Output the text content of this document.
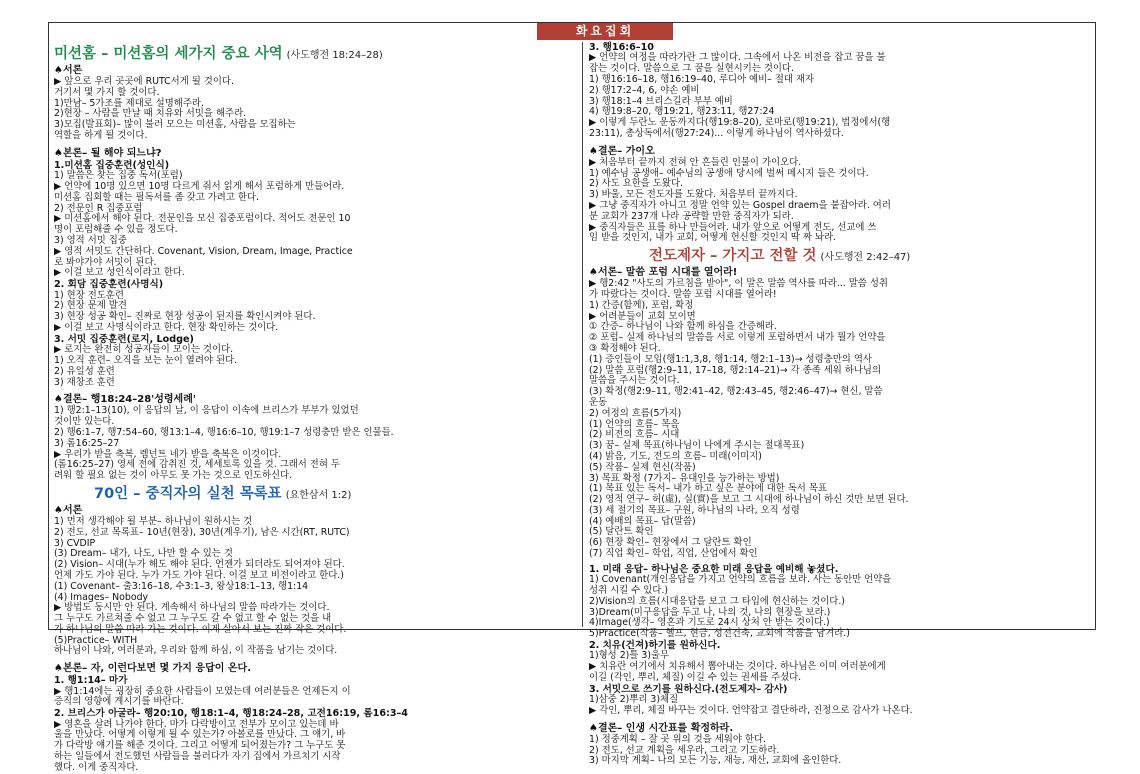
화요집회
미션홈 – 미션홈의 세가지 중요 사역 (사도행전 18:24–28)
♠서론
▶ 앞으로 우리 곳곳에 RUTC서게 될 것이다.
거기서 몇 가지 할 것이다.
1)만남– 5가조를 제대로 설명해주라.
2)현장 – 사람을 만날 때 치유와 서밋을 해주라.
3)모집(발표회)– 많이 불러 모으는 미션홈, 사람을 모집하는
역할을 하게 될 것이다.
♠본론– 될 해야 되느냐?
1.미션홈 집중훈련(성인식)
1) 말씀은 찾는 집중 독서(포럼)
▶ 언약에 10명 있으면 10명 다르게 줘서 읽게 해서 포럼하게 만들어라.
미션홈 집회할 때는 필독서를 좀 갖고 가려고 한다.
2) 전문인 R 집중포럼
▶ 미션홈에서 해야 된다. 전문인을 모신 집중포럼이다. 적어도 전문인 10
명이 포럼해줄 수 있을 정도다.
3) 영적 서밋 집중
▶ 영적 서밋도 간단하다. Covenant, Vision, Dream, Image, Practice
로 봐야가야 서밋이 된다.
▶ 이걸 보고 성인식이라고 한다.
2. 회담 집중훈련(사명식)
1) 현장 전도훈련
2) 현장 문제 발견
3) 현장 성공 확인– 진짜로 현장 성공이 된지를 확인시켜야 된다.
▶ 이걸 보고 사명식이라고 한다. 현장 확인하는 것이다.
3. 서밋 집중훈련(로지, Lodge)
▶ 로지는 완전히 성공자들이 모이는 것이다.
1) 오직 훈련– 오직을 보는 눈이 열려야 된다.
2) 유일성 훈련
3) 재창조 훈련
♠결론– 행18:24–28'성령세례'
1) 행2:1–13(10), 이 응답의 날, 이 응답이 이속에 브리스가 부부가 있었던
것이만 있는다.
2) 행6:1–7, 행7:54–60, 행13:1–4, 행16:6–10, 행19:1–7 성령충만 받은 인물들.
3) 롬16:25–27
▶ 우리가 받을 축복, 렘넌트 네가 받을 축복은 이것이다.
(롬16:25–27) 영세 전에 감취진 것, 세세토록 있을 것. 그래서 전혀 두
려워 할 필요 없는 것이 아무도 못 가는 것으로 인도하신다.
70인 – 중직자의 실천 목록표 (요한삼서 1:2)
♠서론
1) 먼저 생각해야 될 부분– 하나님이 원하시는 것
2) 전도, 선교 목록표– 10년(현장), 30년(계우기), 남은 시간(RT, RUTC)
3) CVDIP
(3) Dream– 내가, 나도, 나만 할 수 있는 것
(2) Vision– 시대(누가 해도 해야 된다. 언젠가 되더라도 되어져야 된다.
언제 가도 가야 된다. 누가 가도 가야 된다. 이걸 보고 비전이라고 한다.)
(1) Covenant– 출3:16–18, 수3:1–3, 왕상18:1–13, 행1:14
(4) Images– Nobody
▶ 방법도 동시만 안 된다. 계속해서 하나님의 말씀 따라가는 것이다.
그 누구도 가르쳐줄 수 없고 그 누구도 갈 수 없고 할 수 없는 것을 내
가 하나님의 말씀 따라 가는 것이다. 이게 살아서 보는 진짜 작은 것이다.
(5)Practice– WITH
하나님이 나와, 여러분과, 우리와 함께 하심, 이 작품을 남기는 것이다.
♠본론– 자, 이런다보면 몇 가지 응답이 온다.
1. 행1:14– 마가
▶ 행1:14에는 굉장히 중요한 사람들이 모였는데 여러분들은 언제든지 이
증직의 영향에 계시기를 바란다.
2. 브리스가 아굴라– 행20:10, 행18:1–4, 행18:24–28, 고전16:19, 롬16:3–4
▶ 영혼을 살려 나가야 한다. 마가 다락방이고 전부가 모이고 있는데 바
울을 만났다. 어떻게 이렇게 될 수 있는가? 아볼로를 만났다. 그 얘기, 바
가 다락방 얘기를 해준 것이다. 그리고 어떻게 되어졌는가? 그 누구도 못
하는 일들에서 전도했던 사람들을 불러다가 자기 집에서 가르치기 시작
했다. 이게 중직자다.
3. 행16:6–10
▶ 언약의 여정을 따라가란 그 많이다. 그속에서 나온 비전을 잡고 꿈을 불
잡는 것이다. 말씀으로 그 꿈을 실현시키는 것이다.
1) 행16:16–18, 행16:19–40, 루디아 예비– 절대 재자
2) 행17:2–4, 6, 야손 예비
3) 행18:1–4 브리스길라 부부 예비
4) 행19:8–20, 행19:21, 행23:11, 행27:24
▶ 이렇게 두란노 운동까지다(행19:8–20), 로마로(행19:21), 법정에서(행
23:11), 총상독에서(행27:24)... 이렇게 하나님이 역사하셨다.
♠결론– 가이오
▶ 처음부터 끝까지 전혀 안 흔들린 인물이 가이오다.
1) 예수님 공생애– 예수님의 공생애 당시에 벌써 메시지 들은 것이다.
2) 사도 요한을 도왔다.
3) 바울, 모든 전도자를 도왔다. 처음부터 끝까지다.
▶ 그냥 중직자가 아니고 정말 언약 있는 Gospel draem을 붙잡아라. 여러
분 교회가 237개 나라 공략할 만한 중직자가 되라.
▶ 중직자들은 표를 하나 만들어라. 내가 앞으로 어떻게 전도, 선교에 쓰
임 받을 것인지, 내가 교회, 어떻게 헌신할 것인지 딱 짜 놔라.
전도제자 – 가지고 전할 것 (사도행전 2:42–47)
♠서론– 말씀 포럼 시대를 열어라!
▶ 행2:42 "사도의 가르침을 받아", 이 말은 말씀 역사를 따라... 말씀 성취
가 따랐다는 것이다. 말씀 포럼 시대를 열어라!
1) 간증(함께), 포럼, 확정
▶ 어려분들이 교회 모이면
① 간증– 하나님이 나와 함께 하심을 간증해라.
② 포럼– 실제 하나님의 말씀을 서로 이렇게 포럼하면서 내가 뭘가 언약을
③ 확정해야 된다.
(1) 증인들이 모임(행1:1,3,8, 행1:14, 행2:1–13)→ 성령충만의 역사
(2) 말씀 포럼(행2:9–11, 17–18, 행2:14–21)→ 각 종족 세워 하나님의
말씀을 주시는 것이다.
(3) 확정(행2:9–11, 행2:41–42, 행2:43–45, 행2:46–47)→ 현신, 말씀
운동
2) 여정의 흐름(5가지)
(1) 언약의 흐름– 목음
(2) 비전의 흐름– 시대
(3) 꿈– 실제 목표(하나님이 나에게 주시는 절대목표)
(4) 밝음, 기도, 전도의 흐름– 미래(이미지)
(5) 작품– 실제 현신(작품)
3) 목표 확정 (7가지– 유대인을 능가하는 방법)
(1) 목표 있는 독서– 내가 하고 싶은 분야에 대한 독서 목표
(2) 영적 연구– 허(虛), 실(實)을 보고 그 시대에 하나님이 하신 것만 보면 된다.
(3) 세 절기의 목표– 구원, 하나님의 나라, 오직 성령
(4) 예배의 목표– 답(말씀)
(5) 달란트 확인
(6) 현장 확인– 현장에서 그 달란트 확인
(7) 직업 확인– 학업, 직업, 산업에서 확인
1. 미래 응답– 하나님은 중요한 미래 응답을 예비해 놓셨다.
1) Covenant(개인응답을 가지고 언약의 흐름을 보라. 사는 동안만 언약을
성취 시킬 수 있다.)
2)Vision의 흐름(시대응답을 보고 그 타입에 현신하는 것이다.)
3)Dream(미구응답을 두고 나, 나의 것, 나의 현장을 보라.)
4)Image(생각– 영혼과 기도로 24시 상처 안 받는 것이다.)
5)Practice(작품– 헬프, 현금, 성전건축, 교회에 작품을 남겨라.)
2. 치유(건져)하기를 원하신다.
1)형성 2)틀 3)울무
▶ 치유란 여기에서 치유해서 뽑아내는 것이다. 하나님은 이미 여러분에게
이길 (각인, 뿌리, 체질) 이길 수 있는 권세를 주셨다.
3. 서밋으로 쓰기를 원하신다.(전도제자– 감사)
1)삼중 2)뿌리 3)체질
▶ 각인, 뿌리, 체질 바꾸는 것이다. 언약잡고 결단하라, 진정으로 감사가 나온다.
♠결론– 인생 시간표를 확정하라.
1) 정중계획 – 잘 곳 위의 것을 세워야 한다.
2) 전도, 선교 계획을 세우라, 그리고 기도하라.
3) 마지막 계획– 나의 모든 기능, 재능, 재산, 교회에 올인한다.
